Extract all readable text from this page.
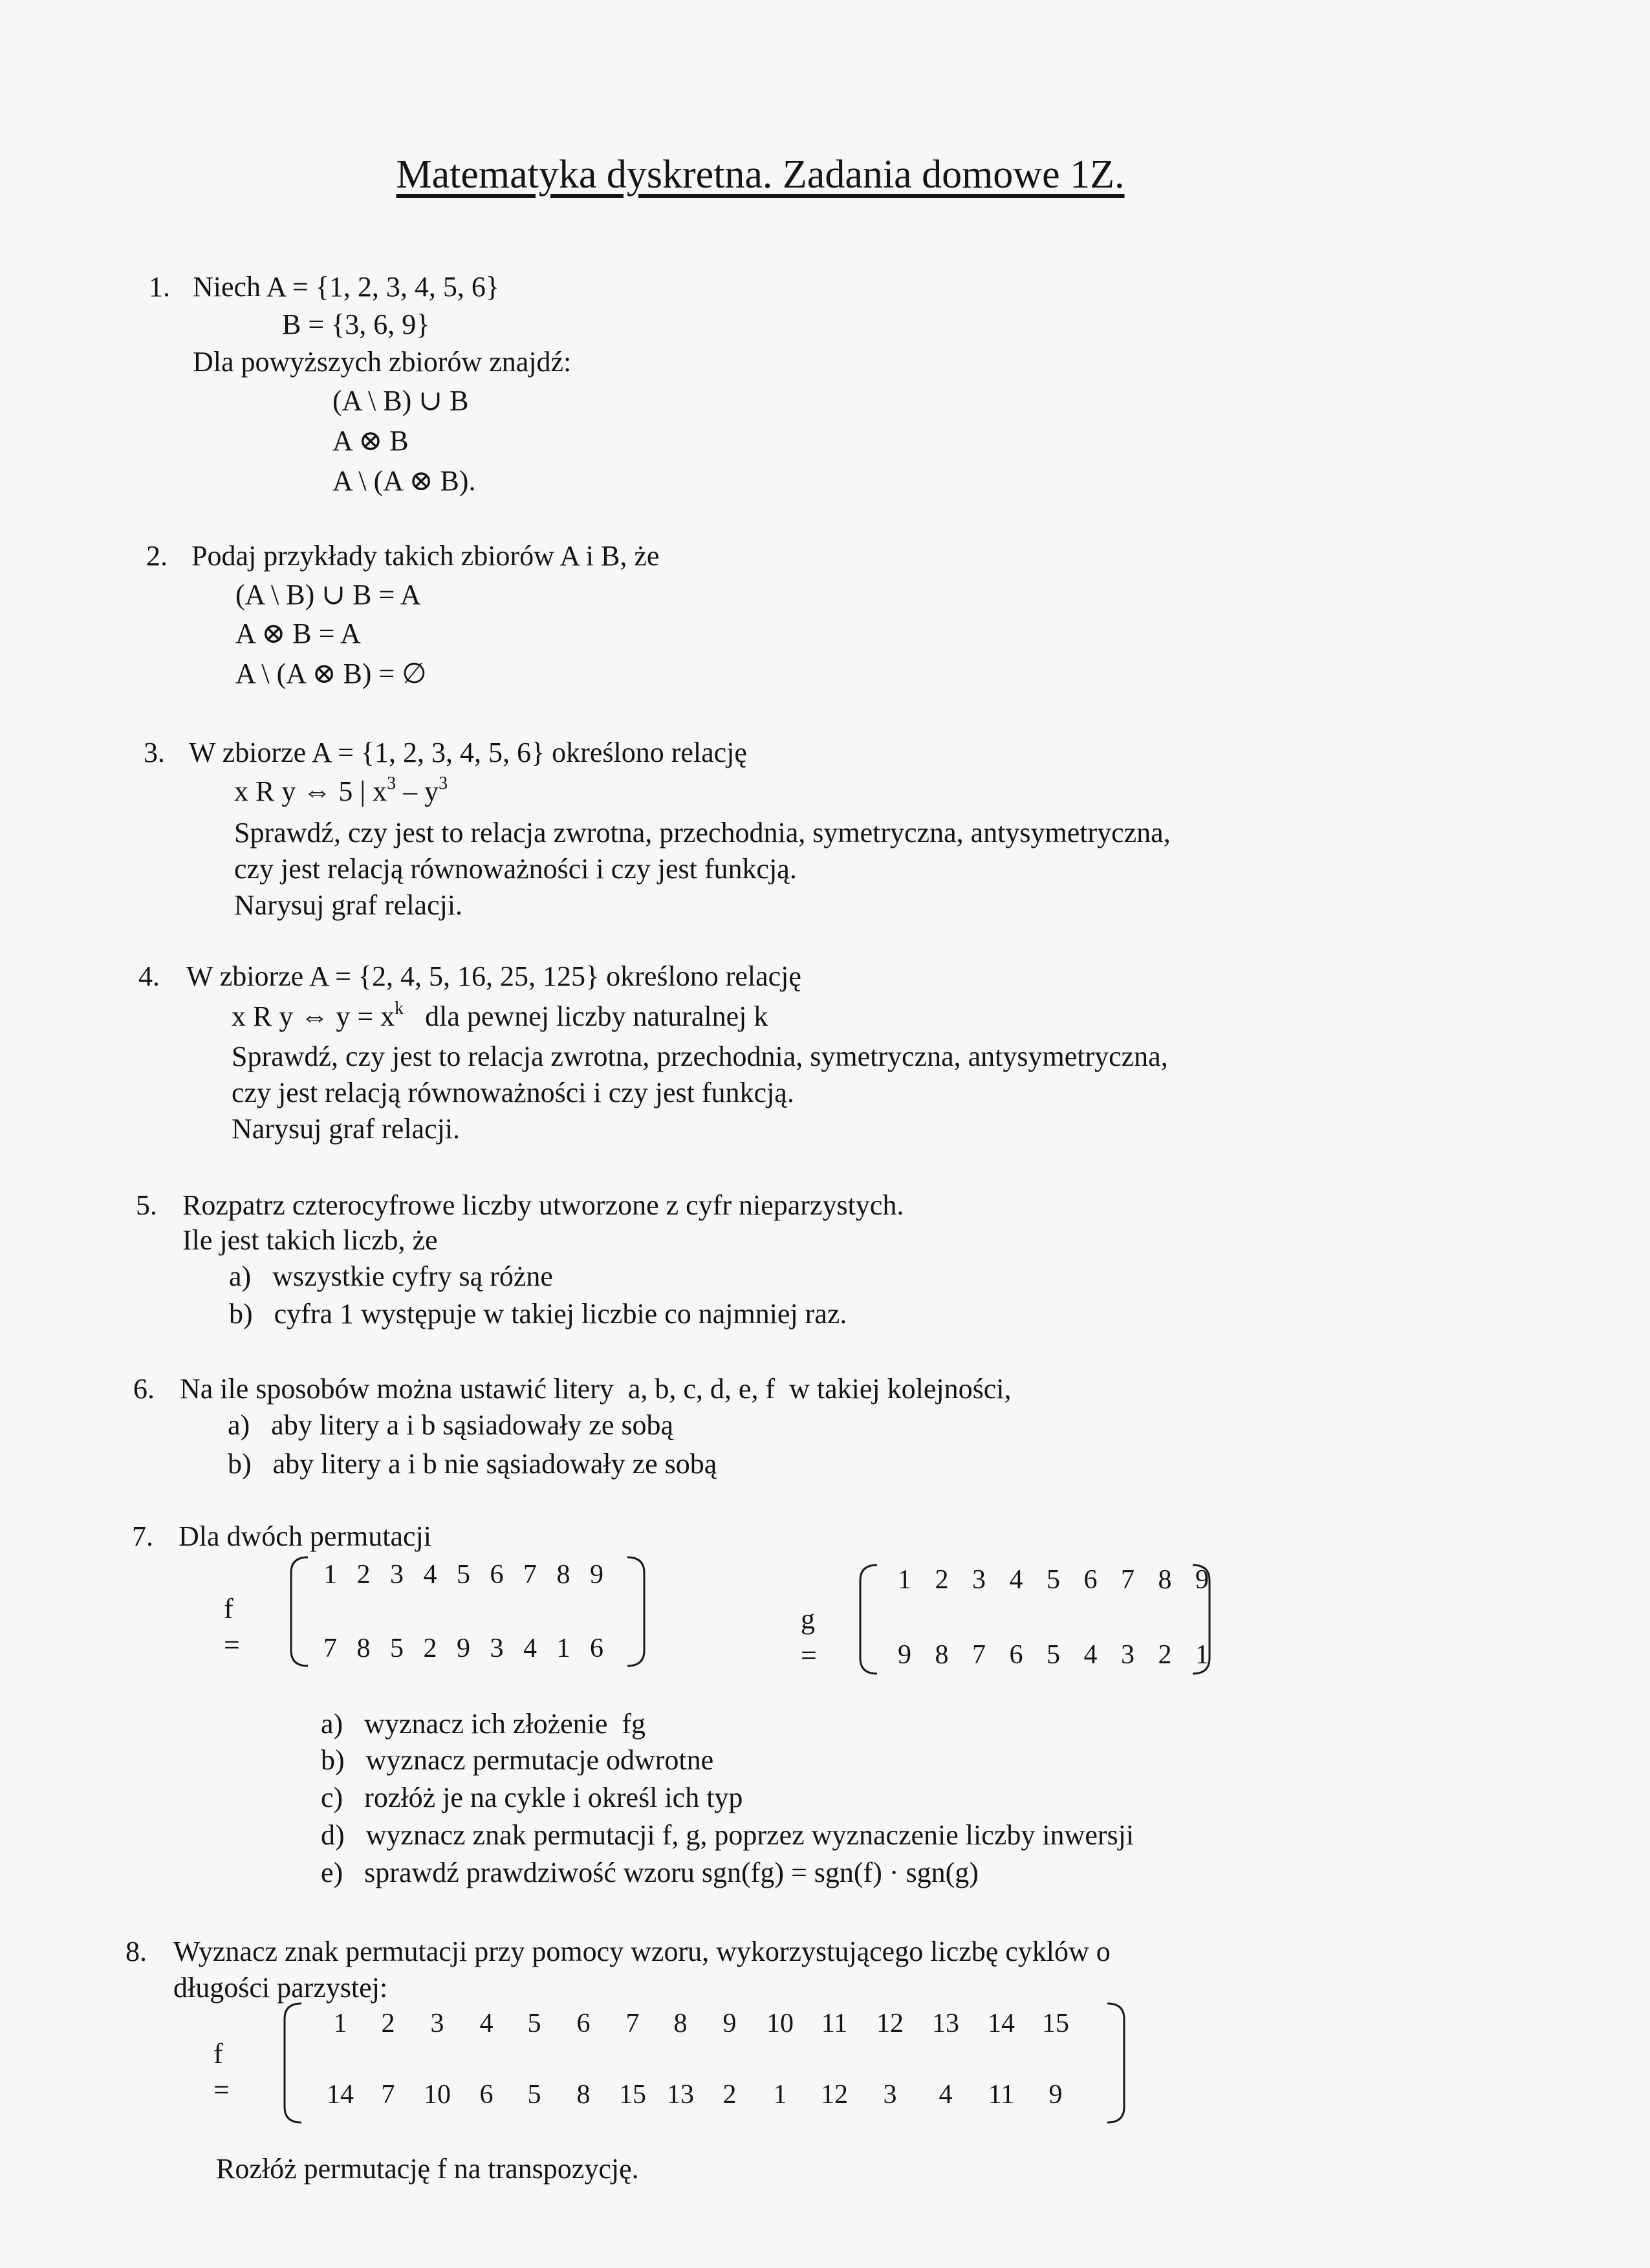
Matematyka dyskretna. Zadania domowe 1Z.
1. Niech A = {1, 2, 3, 4, 5, 6}
B = {3, 6, 9}
Dla powyższych zbiorów znajdź:
(A \ B) ∪ B
A ⊗ B
A \ (A ⊗ B).
2. Podaj przykłady takich zbiorów A i B, że
(A \ B) ∪ B = A
A ⊗ B = A
A \ (A ⊗ B) = ∅
3. W zbiorze A = {1, 2, 3, 4, 5, 6} określono relację
x R y ⇔ 5 | $x^3 - y^3$
Sprawdź, czy jest to relacja zwrotna, przechodnia, symetryczna, antysymetryczna,
czy jest relacją równoważności i czy jest funkcją.
Narysuj graf relacji.
4. W zbiorze A = {2, 4, 5, 16, 25, 125} określono relację
x R y ⇔ $y = x^k$   dla pewnej liczby naturalnej k
Sprawdź, czy jest to relacja zwrotna, przechodnia, symetryczna, antysymetryczna,
czy jest relacją równoważności i czy jest funkcją.
Narysuj graf relacji.
5. Rozpatrz czterocyfrowe liczby utworzone z cyfr nieparzystych.
Ile jest takich liczb, że
a)   wszystkie cyfry są różne
b)   cyfra 1 występuje w takiej liczbie co najmniej raz.
6. Na ile sposobów można ustawić litery  a, b, c, d, e, f  w takiej kolejności,
a)   aby litery a i b sąsiadowały ze sobą
b)   aby litery a i b nie sąsiadowały ze sobą
7. Dla dwóch permutacji
f =
1 2 3 4 5 6 7 8 9
7 8 5 2 9 3 4 1 6
g =
1 2 3 4 5 6 7 8 9
9 8 7 6 5 4 3 2 1
a)   wyznacz ich złożenie  fg
b)   wyznacz permutacje odwrotne
c)   rozłóż je na cykle i określ ich typ
d)   wyznacz znak permutacji f, g, poprzez wyznaczenie liczby inwersji
e)   sprawdź prawdziwość wzoru sgn(fg) = sgn(f) · sgn(g)
8. Wyznacz znak permutacji przy pomocy wzoru, wykorzystującego liczbę cyklów o
długości parzystej:
f =
1	2	3	4	5	6	7	8	9	10	11	12	13	14	15
14	7	10	6	5	8	15 13	2	1	12	3	4	11	9
Rozłóż permutację f na transpozycję.
